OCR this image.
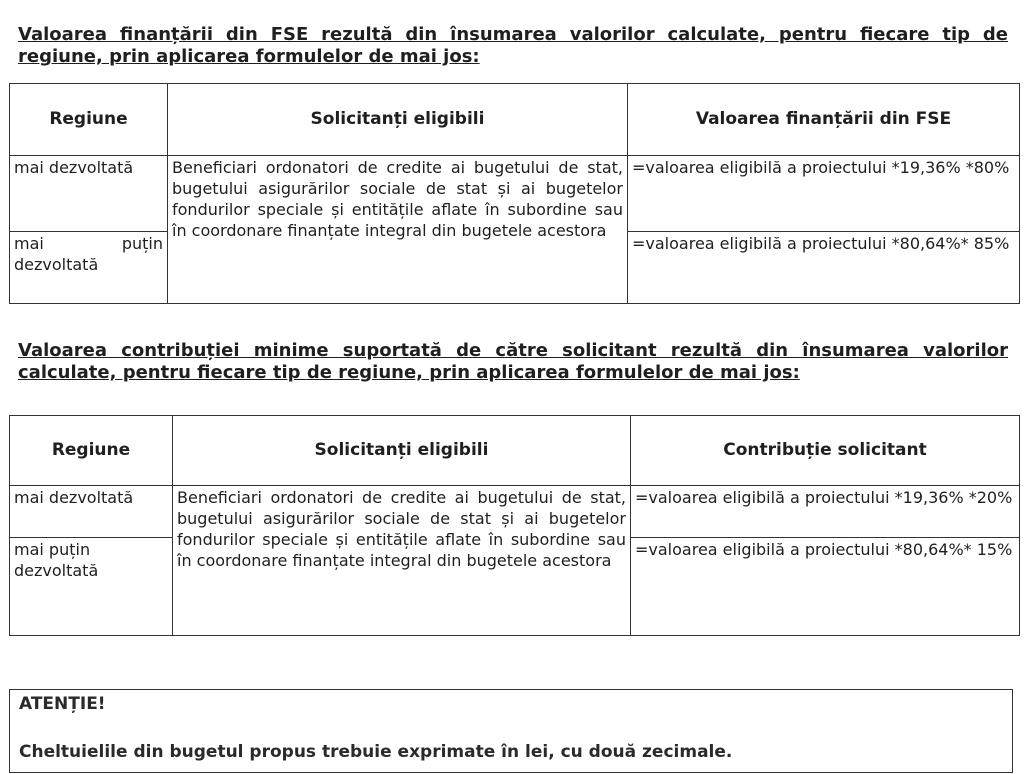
Valoarea finanțării din FSE rezultă din însumarea valorilor calculate, pentru fiecare tip de regiune, prin aplicarea formulelor de mai jos:

Regiune	Solicitanți eligibili	Valoarea finanțării din FSE
mai dezvoltată	Beneficiari ordonatori de credite ai bugetului de stat, bugetului asigurărilor sociale de stat și ai bugetelor fondurilor speciale și entitățile aflate în subordine sau în coordonare finanțate integral din bugetele acestora	=valoarea eligibilă a proiectului *19,36% *80%

mai puțin
dezvoltată		=valoarea eligibilă a proiectului *80,64%* 85%

Valoarea contribuției minime suportată de către solicitant rezultă din însumarea valorilor calculate, pentru fiecare tip de regiune, prin aplicarea formulelor de mai jos:

Regiune	Solicitanți eligibili	Contribuție solicitant
mai dezvoltată	Beneficiari ordonatori de credite ai bugetului de stat, bugetului asigurărilor sociale de stat și ai bugetelor fondurilor speciale și entitățile aflate în subordine sau în coordonare finanțate integral din bugetele acestora	=valoarea eligibilă a proiectului *19,36% *20%
mai puțin dezvoltată		=valoarea eligibilă a proiectului *80,64%* 15%
ATENȚIE!
Cheltuielile din bugetul propus trebuie exprimate în lei, cu două zecimale.
